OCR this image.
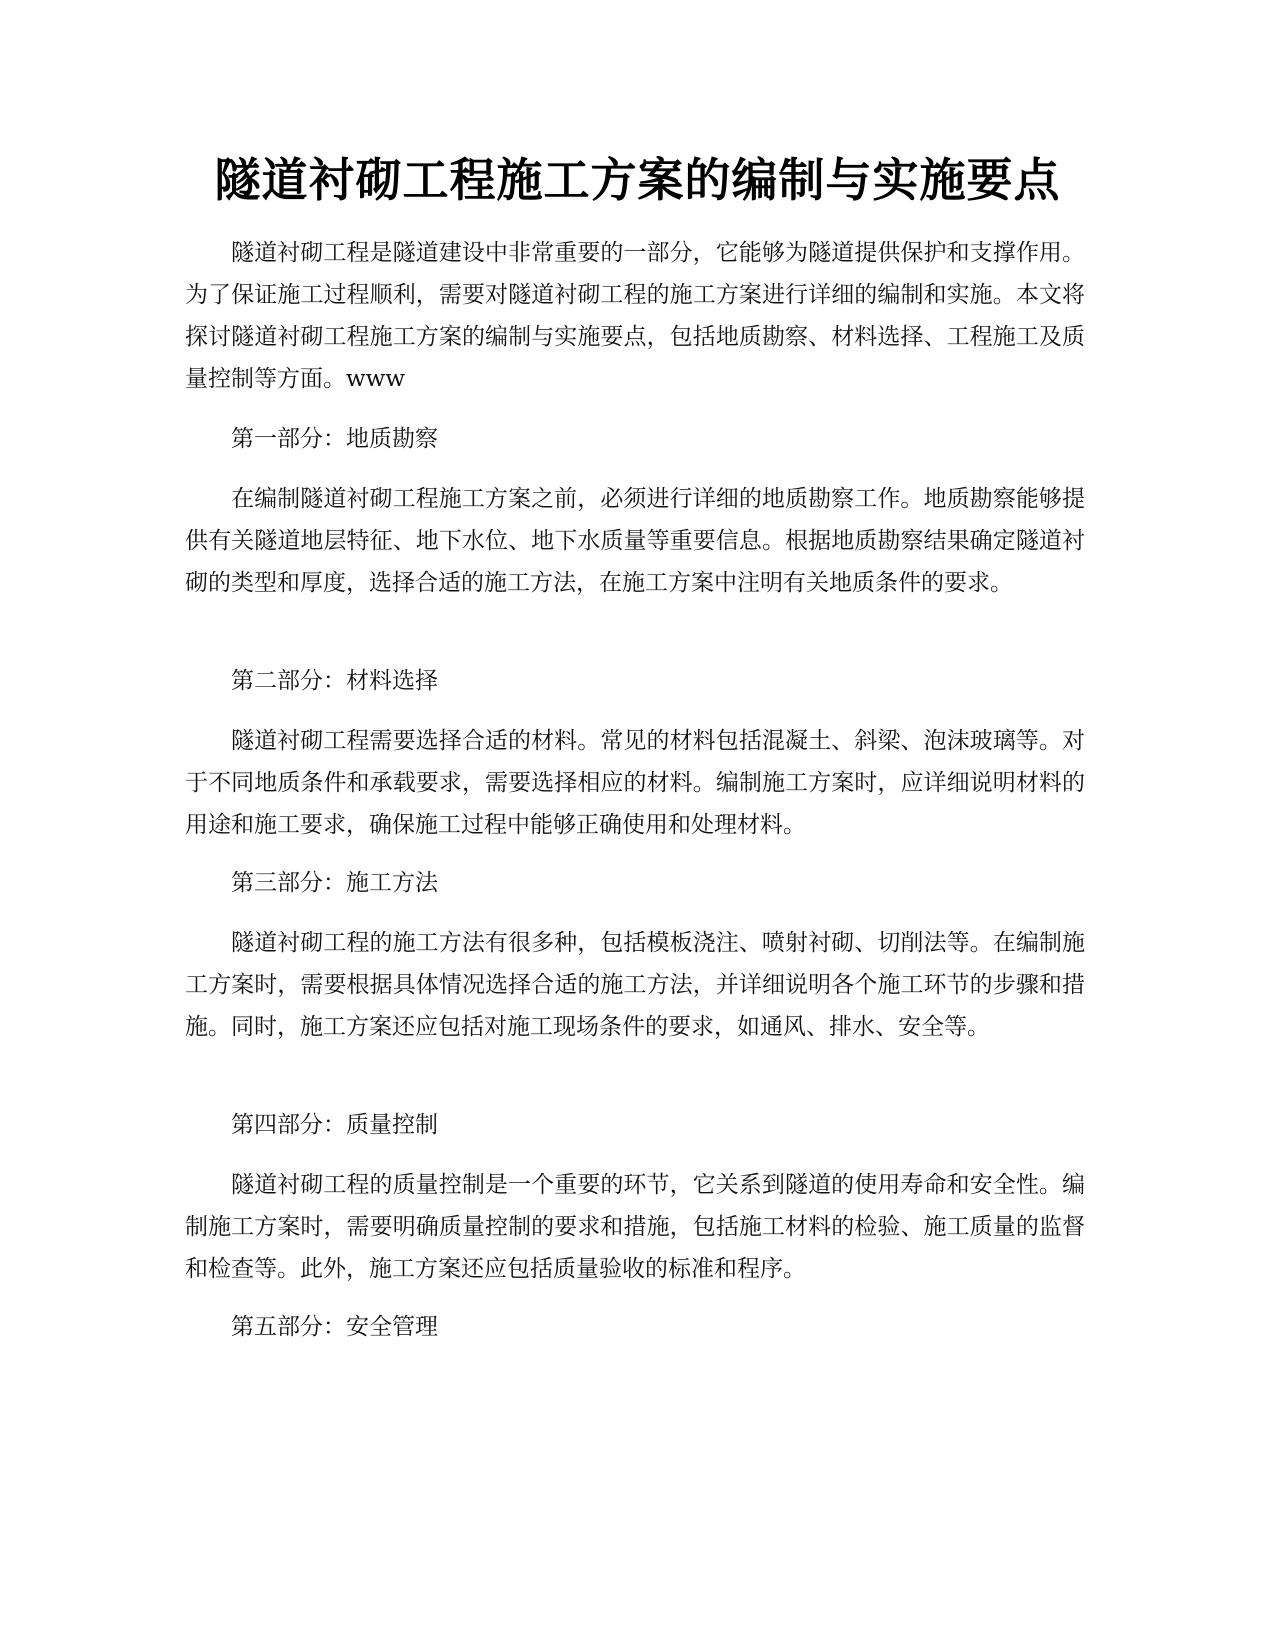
隧道衬砌工程施工方案的编制与实施要点
隧道衬砌工程是隧道建设中非常重要的一部分，它能够为隧道提供保护和支撑作用。为了保证施工过程顺利，需要对隧道衬砌工程的施工方案进行详细的编制和实施。本文将探讨隧道衬砌工程施工方案的编制与实施要点，包括地质勘察、材料选择、工程施工及质量控制等方面。www
第一部分：地质勘察
在编制隧道衬砌工程施工方案之前，必须进行详细的地质勘察工作。地质勘察能够提供有关隧道地层特征、地下水位、地下水质量等重要信息。根据地质勘察结果确定隧道衬砌的类型和厚度，选择合适的施工方法，在施工方案中注明有关地质条件的要求。
第二部分：材料选择
隧道衬砌工程需要选择合适的材料。常见的材料包括混凝土、斜梁、泡沫玻璃等。对于不同地质条件和承载要求，需要选择相应的材料。编制施工方案时，应详细说明材料的用途和施工要求，确保施工过程中能够正确使用和处理材料。
第三部分：施工方法
隧道衬砌工程的施工方法有很多种，包括模板浇注、喷射衬砌、切削法等。在编制施工方案时，需要根据具体情况选择合适的施工方法，并详细说明各个施工环节的步骤和措施。同时，施工方案还应包括对施工现场条件的要求，如通风、排水、安全等。
第四部分：质量控制
隧道衬砌工程的质量控制是一个重要的环节，它关系到隧道的使用寿命和安全性。编制施工方案时，需要明确质量控制的要求和措施，包括施工材料的检验、施工质量的监督和检查等。此外，施工方案还应包括质量验收的标准和程序。
第五部分：安全管理
